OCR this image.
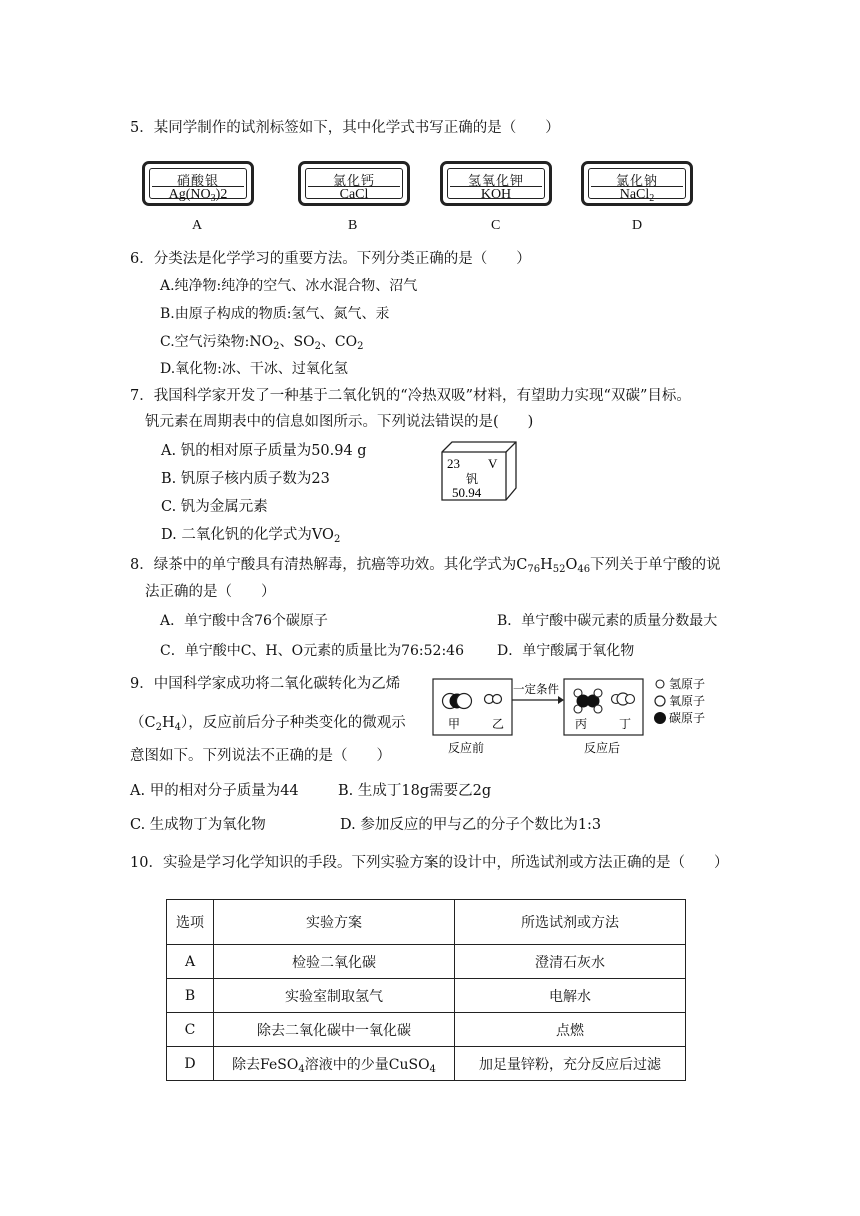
5．某同学制作的试剂标签如下，其中化学式书写正确的是（　　）
硝酸银
$Ag(NO_3)2$
氯化钙
CaCl
氢氧化钾
KOH
氯化钠
NaCl$_2$
A	B	C	D
6．分类法是化学学习的重要方法。下列分类正确的是（　　）
A.纯净物:纯净的空气、冰水混合物、沼气
B.由原子构成的物质:氢气、氮气、汞
C.空气污染物$:NO_2$、$SO_2$、$CO_2$
D.氧化物:冰、干冰、过氧化氢
7．我国科学家开发了一种基于二氧化钒的“冷热双吸”材料，有望助力实现“双碳”目标。
钒元素在周期表中的信息如图所示。下列说法错误的是(　　)
A. 钒的相对原子质量为50.94 g
B. 钒原子核内质子数为23
C. 钒为金属元素
D. 二氧化钒的化学式为$VO_2$
23 V
钒
50.94
8．绿茶中的单宁酸具有清热解毒，抗癌等功效。其化学式为$C_{76}H_{52}O_{46}$下列关于单宁酸的说
法正确的是（　　）
A．单宁酸中含76个碳原子	B．单宁酸中碳元素的质量分数最大
C．单宁酸中C、H、O元素的质量比为76:52:46 D．单宁酸属于氧化物
9．中国科学家成功将二氧化碳转化为乙烯
$(C_2H_4)$，反应前后分子种类变化的微观示
意图如下。下列说法不正确的是（　　）
A. 甲的相对分子质量为44	B. 生成丁18g需要乙2g
C. 生成物丁为氧化物	D. 参加反应的甲与乙的分子个数比为1:3
甲	乙
反应前
一定条件
丙	丁
反应后
氢原子
氧原子
碳原子
10．实验是学习化学知识的手段。下列实验方案的设计中，所选试剂或方法正确的是（　　）
选项	实验方案	所选试剂或方法
A	检验二氧化碳	澄清石灰水
B	实验室制取氢气	电解水
C	除去二氧化碳中一氧化碳	点燃
D	除去FeSO$_4$溶液中的少量CuSO$_4$	加足量锌粉，充分反应后过滤
